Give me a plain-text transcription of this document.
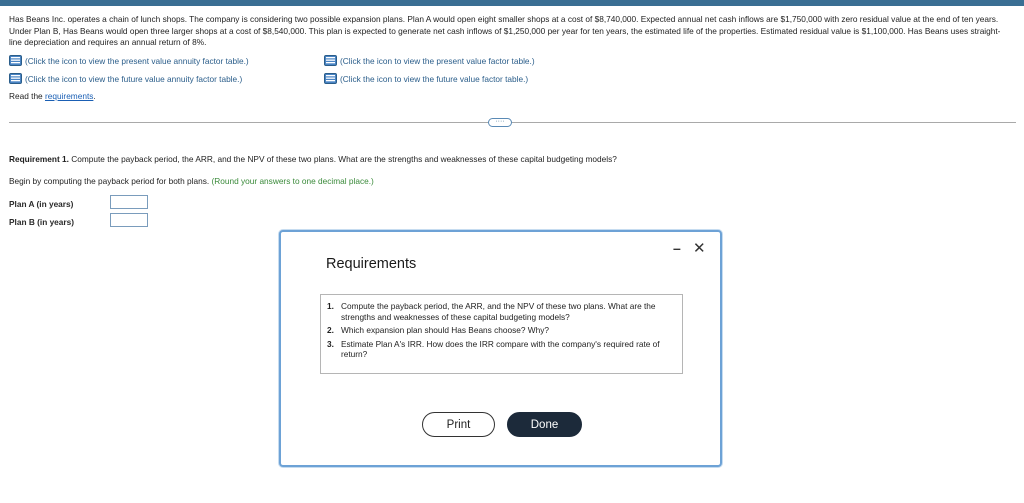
Has Beans Inc. operates a chain of lunch shops. The company is considering two possible expansion plans. Plan A would open eight smaller shops at a cost of $8,740,000. Expected annual net cash inflows are $1,750,000 with zero residual value at the end of ten years. Under Plan B, Has Beans would open three larger shops at a cost of $8,540,000. This plan is expected to generate net cash inflows of $1,250,000 per year for ten years, the estimated life of the properties. Estimated residual value is $1,100,000. Has Beans uses straight-line depreciation and requires an annual return of 8%.
(Click the icon to view the present value annuity factor table.)	(Click the icon to view the present value factor table.)
(Click the icon to view the future value annuity factor table.)	(Click the icon to view the future value factor table.)
Read the requirements.
····
Requirement 1. Compute the payback period, the ARR, and the NPV of these two plans. What are the strengths and weaknesses of these capital budgeting models?
Begin by computing the payback period for both plans. (Round your answers to one decimal place.)
Plan A (in years)
Plan B (in years)
Requirements
– ✕
1. Compute the payback period, the ARR, and the NPV of these two plans. What are the strengths and weaknesses of these capital budgeting models?
2. Which expansion plan should Has Beans choose? Why?
3. Estimate Plan A's IRR. How does the IRR compare with the company's required rate of return?
Print	Done
